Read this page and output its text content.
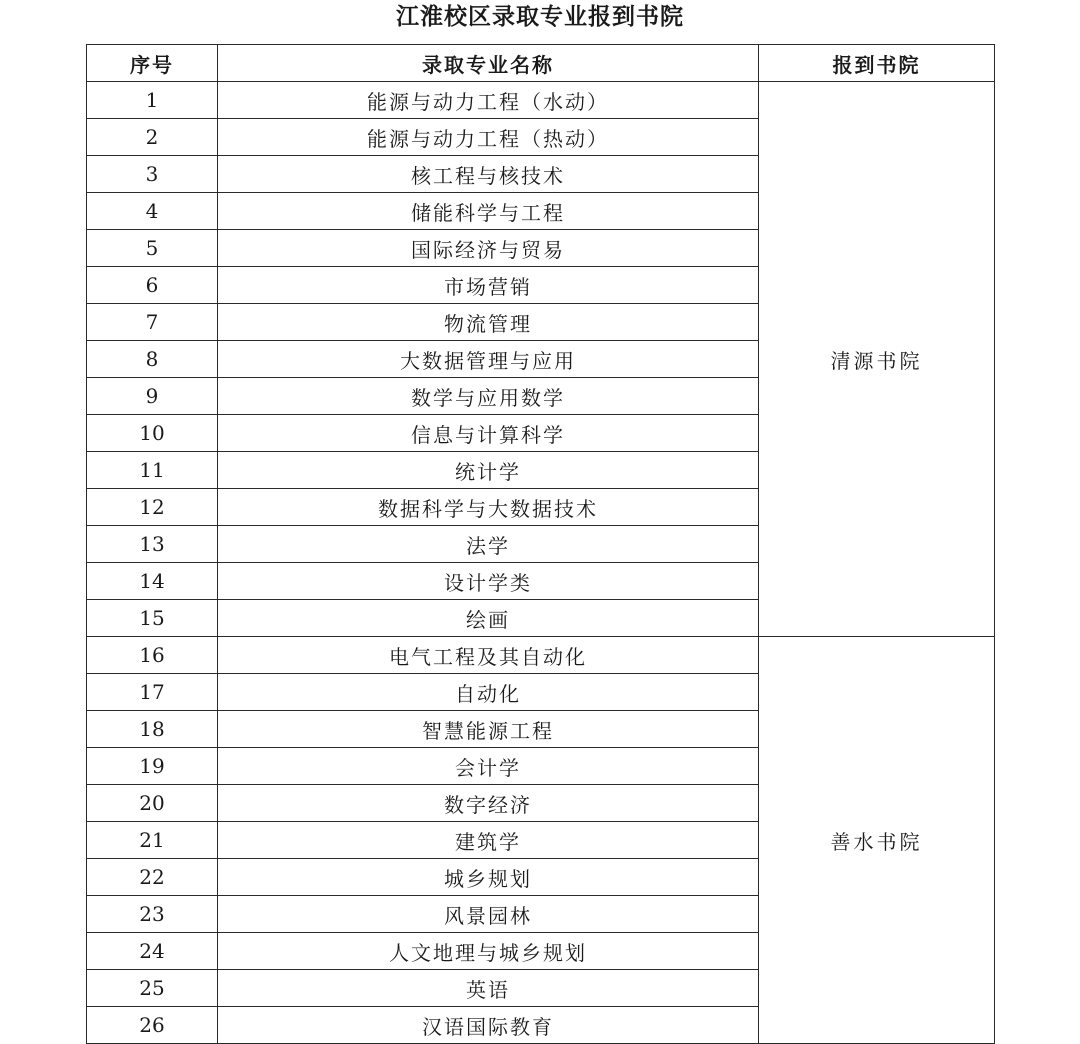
江淮校区录取专业报到书院
序号	录取专业名称	报到书院
1	能源与动力工程（水动）	清源书院
2	能源与动力工程（热动）	
3	核工程与核技术	
4	储能科学与工程	
5	国际经济与贸易	
6	市场营销	
7	物流管理	
8	大数据管理与应用	
9	数学与应用数学	
10	信息与计算科学	
11	统计学	
12	数据科学与大数据技术	
13	法学	
14	设计学类	
15	绘画	
16	电气工程及其自动化	善水书院
17	自动化	
18	智慧能源工程	
19	会计学	
20	数字经济	
21	建筑学	
22	城乡规划	
23	风景园林	
24	人文地理与城乡规划	
25	英语	
26	汉语国际教育	
